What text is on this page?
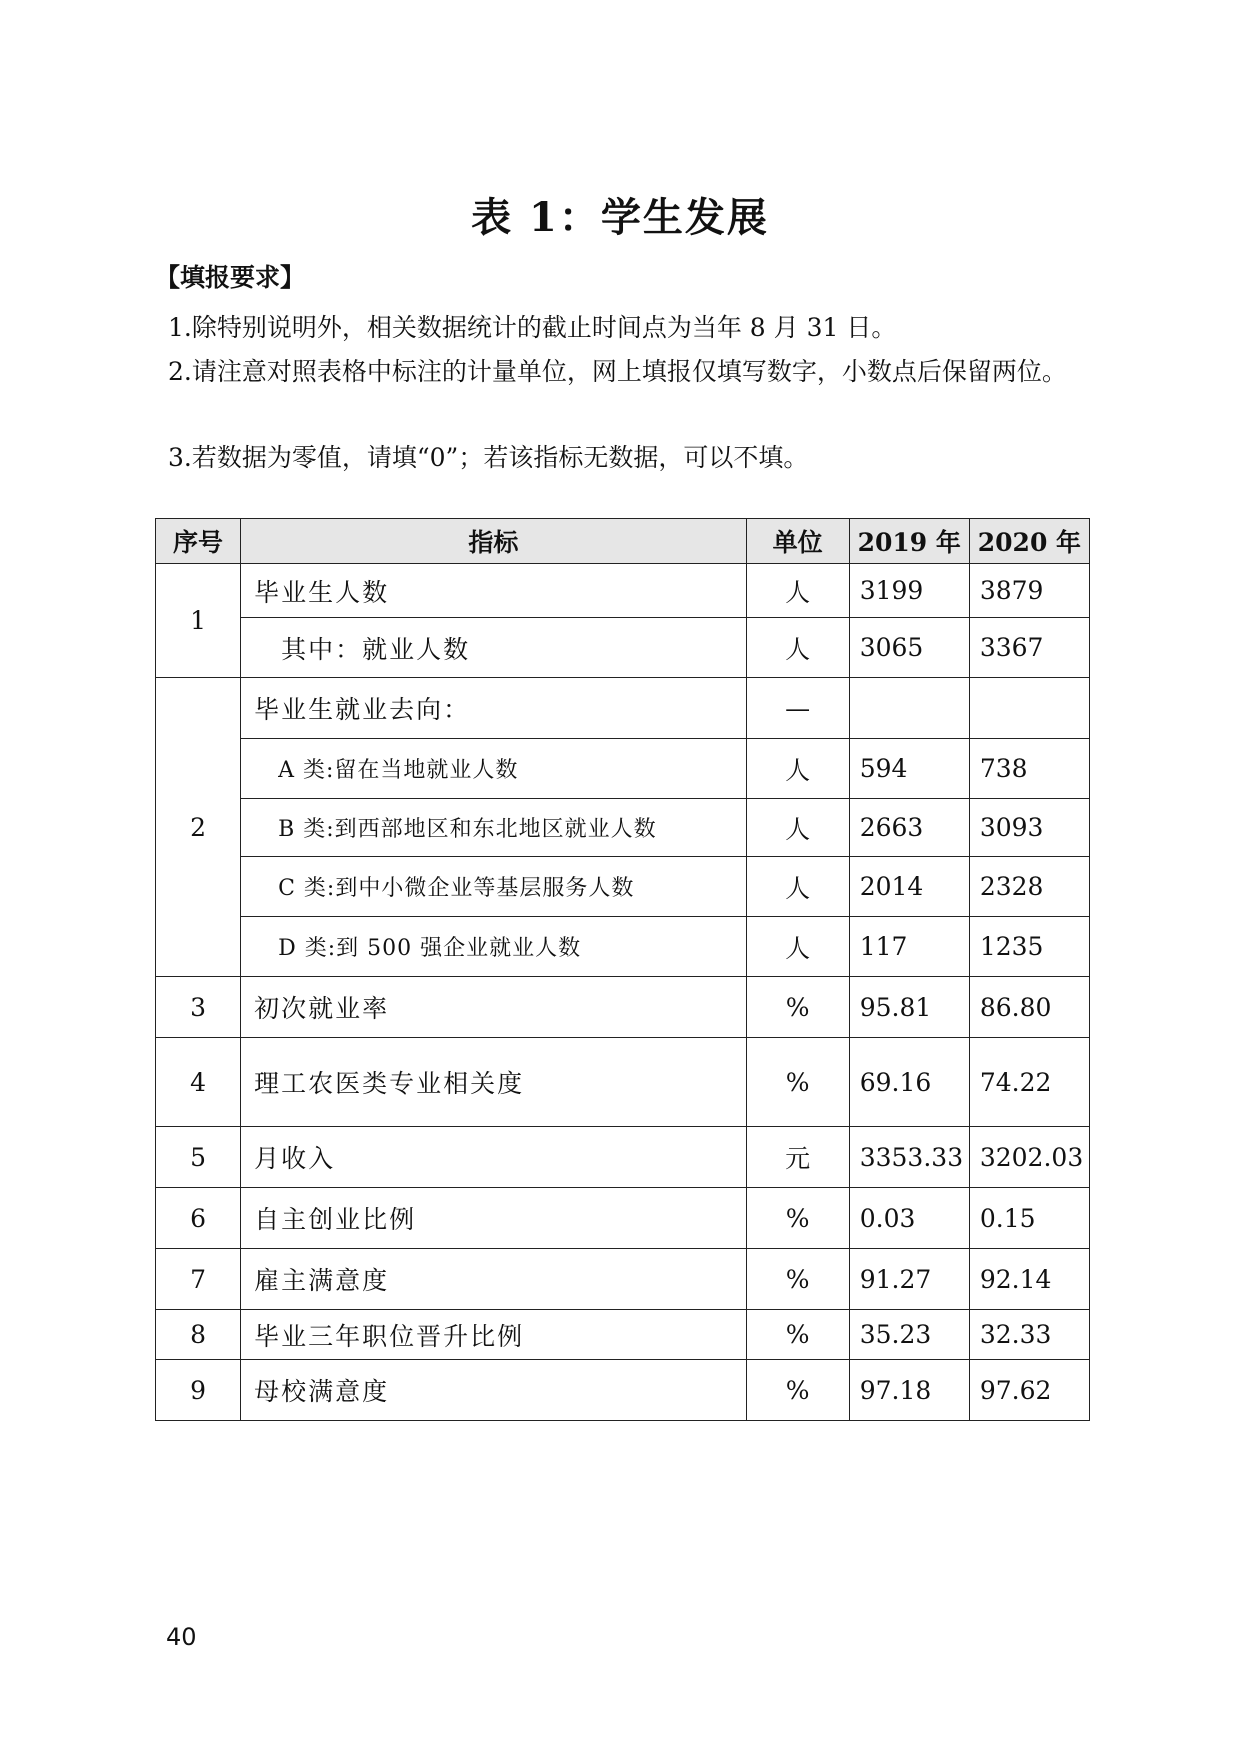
表 1：学生发展
【填报要求】
1.除特别说明外，相关数据统计的截止时间点为当年 8 月 31 日。
2.请注意对照表格中标注的计量单位，网上填报仅填写数字，小数点后保留两位。
3.若数据为零值，请填“0”；若该指标无数据，可以不填。
序号	指标	单位	2019 年	2020 年
1	毕业生人数	人	3199	3879
	其中：就业人数	人	3065	3367
2	毕业生就业去向：	—		
	A 类:留在当地就业人数	人	594	738
	B 类:到西部地区和东北地区就业人数	人	2663	3093
	C 类:到中小微企业等基层服务人数	人	2014	2328
	D 类:到 500 强企业就业人数	人	117	1235
3	初次就业率	%	95.81	86.80
4	理工农医类专业相关度	%	69.16	74.22
5	月收入	元	3353.33	3202.03
6	自主创业比例	%	0.03	0.15
7	雇主满意度	%	91.27	92.14
8	毕业三年职位晋升比例	%	35.23	32.33
9	母校满意度	%	97.18	97.62
40
